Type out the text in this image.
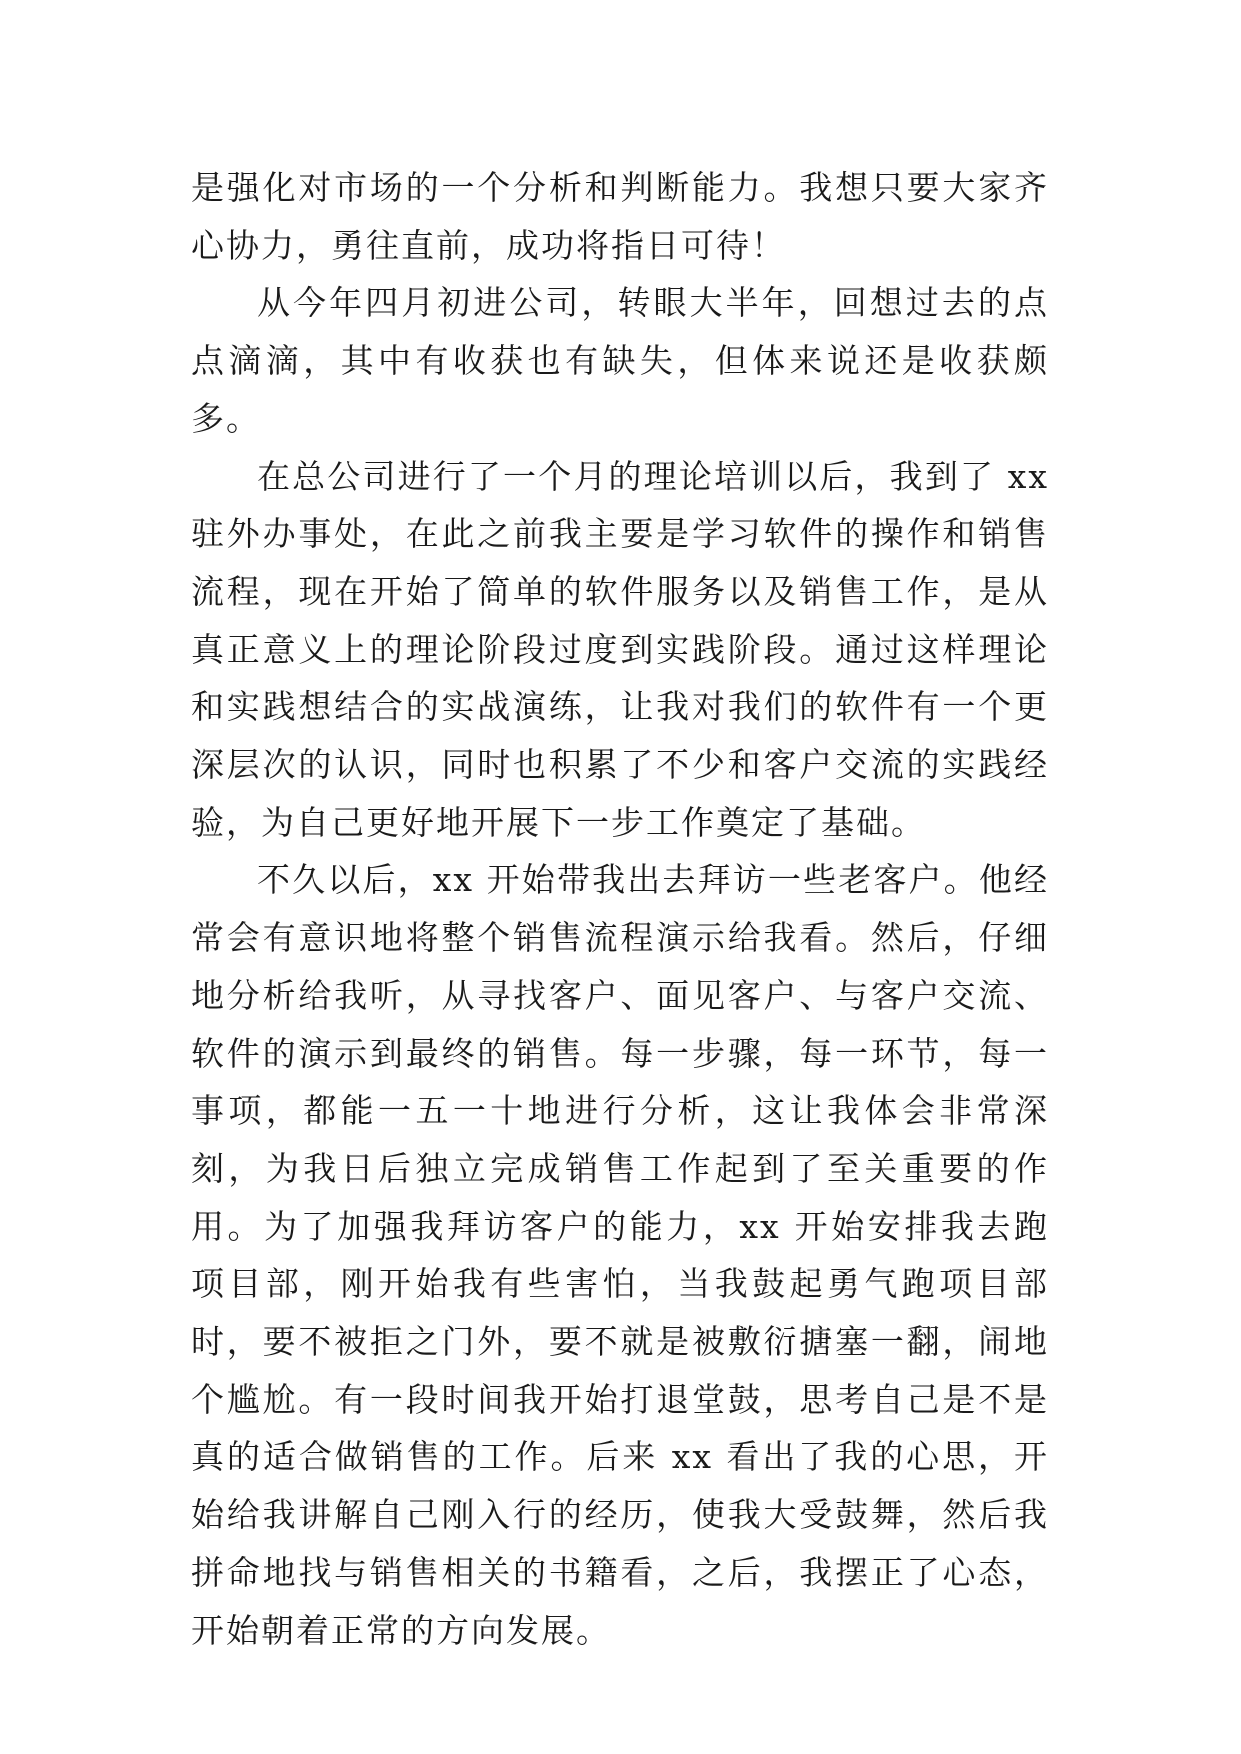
是强化对市场的一个分析和判断能力。我想只要大家齐心协力，勇往直前，成功将指日可待！

从今年四月初进公司，转眼大半年，回想过去的点点滴滴，其中有收获也有缺失，但体来说还是收获颇多。

在总公司进行了一个月的理论培训以后，我到了 xx 驻外办事处，在此之前我主要是学习软件的操作和销售流程，现在开始了简单的软件服务以及销售工作，是从真正意义上的理论阶段过度到实践阶段。通过这样理论和实践想结合的实战演练，让我对我们的软件有一个更深层次的认识，同时也积累了不少和客户交流的实践经验，为自己更好地开展下一步工作奠定了基础。

不久以后，xx 开始带我出去拜访一些老客户。他经常会有意识地将整个销售流程演示给我看。然后，仔细地分析给我听，从寻找客户、面见客户、与客户交流、软件的演示到最终的销售。每一步骤，每一环节，每一事项，都能一五一十地进行分析，这让我体会非常深刻，为我日后独立完成销售工作起到了至关重要的作用。为了加强我拜访客户的能力，xx 开始安排我去跑项目部，刚开始我有些害怕，当我鼓起勇气跑项目部时，要不被拒之门外，要不就是被敷衍搪塞一翻，闹地个尴尬。有一段时间我开始打退堂鼓，思考自己是不是真的适合做销售的工作。后来 xx 看出了我的心思，开始给我讲解自己刚入行的经历，使我大受鼓舞，然后我拼命地找与销售相关的书籍看，之后，我摆正了心态，开始朝着正常的方向发展。
